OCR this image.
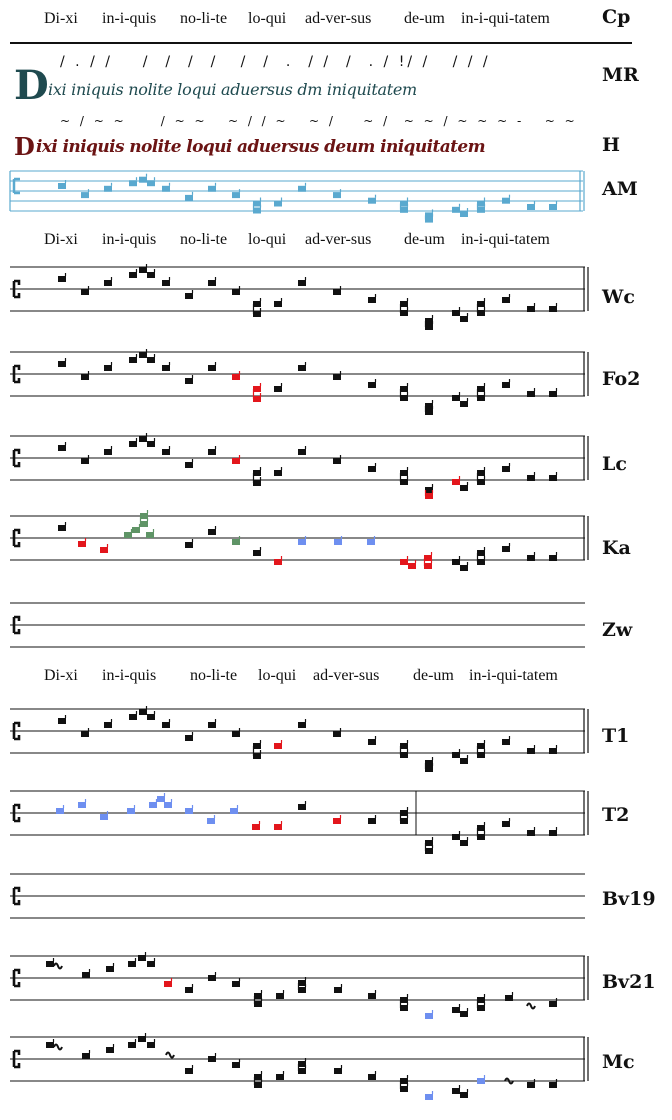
Di-xi

in-i-quis

no-li-te

lo-qui

ad-ver-sus

de-um

in-i-qui-tatem

Di-xi

in-i-quis

no-li-te

lo-qui

ad-ver-sus

de-um

in-i-qui-tatem

Di-xi

in-i-quis

no-li-te

lo-qui

ad-ver-sus

de-um

in-i-qui-tatem

/ . / /    /  /  /  /   /  /  .  / /  /  . / !/ /   / / /
D ixi iniquis nolite loqui aduersus dm iniquitatem
~ / ~ ~     / ~ ~   ~ / / ~   ~ /    ~ /  ~ ~ / ~ ~ ~ -   ~ ~
D ixi iniquis nolite loqui aduersus deum iniquitatem
Cp
MR
H
AM
Wc
Fo2
Lc
Ka
Zw
T1
T2
Bv19
Bv21
Mc
